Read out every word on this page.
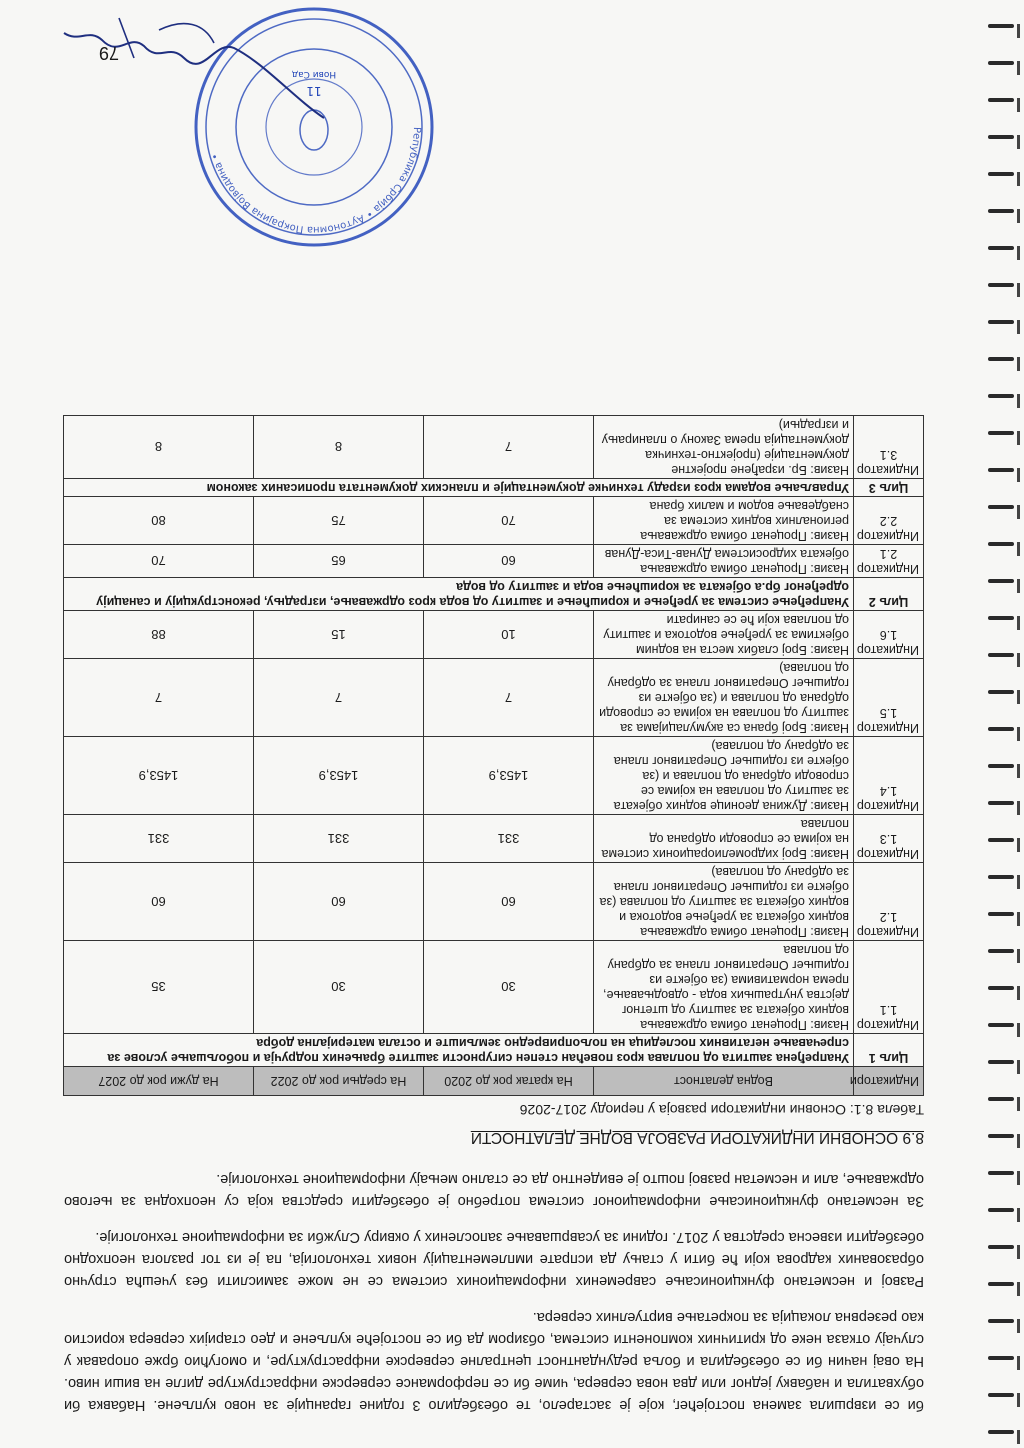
би се извршила замена постојећег, које је застарело, те обезбедило 3 године гаранције за ново купљене. Набавка би обухватила и набавку једног или два нова сервера, чиме би се перформансе серверске инфраструктуре дигле на виши ниво. На овај начин би се обезбедила и боља редундантност централне серверске инфраструктуре, и омогућио брже опоравак у случају отказа неке од критичних компоненти система, обзиром да би се постојеће купљене и део старијих сервера користио као резервна локација за покретање виртуелних сервера.

Развој и несметано функционисање савремених информационих система се не може замислити без учешћа стручно образованих кадрова који ће бити у стању да испрате имплементацију нових технологија, па је из тог разлога неопходно обезбедити извесна средства у 2017. години за усавршавање запослених у оквиру Служби за информационе технологије.

За несметано функционисање информационог система потребно је обезбедити средства која су неопходна за његово одржавање, али и несметан развој пошто је евидентно да се стално мењају информационе технологије.

8.9 ОСНОВНИ ИНДИКАТОРИ РАЗВОЈА ВОДНЕ ДЕЛАТНОСТИ
Табела 8.1: Основни индикатори развоја у периоду 2017-2026
Индикатори	Водна делатност	На кратак рок до 2020	На средњи рок до 2022	На дужи рок до 2027
Циљ 1	Унапређена заштита од поплава кроз повећан степен сигурности заштите брањених подручја и побољшање услове за спречавање негативних последица на пољопривредно земљиште и остала материјална добра			
Индикатор 1.1	Назив: Проценат обима одржавања водних објеката за заштиту од штетног дејства унутрашњих вода - одводњавање, према нормативима (за објекте из годишњег Оперативног плана за одбрану од поплава	30	30	35
Индикатор 1.2	Назив: Проценат обима одржавања водних објеката за уређење водотока и водних објеката за заштиту од поплава (за објекте из годишњег Оперативног плана за одбрану од поплава)	60	60	60
Индикатор 1.3	Назив: Број хидромелиорационих система на којима се спроводи одбрана од поплава	331	331	331
Индикатор 1.4	Назив: Дужина деонице водних објеката за заштиту од поплава на којима се спроводи одбрана од поплава и (за објекте из годишњег Оперативног плана за одбрану од поплава)	1453,9	1453,9	1453,9
Индикатор 1.5	Назив: Број брана са акумулацијама за заштиту од поплава на којима се спроводи одбрана од поплава и (за објекте из годишњег Оперативног плана за одбрану од поплава)	7	7	7
Индикатор 1.6	Назив: Број слабих места на водним објектима за уређење водотока и заштиту од поплава који ће се санирати	10	15	88
Циљ 2	Унапређење система за уређење и коришћење и заштиту од вода кроз одржавање, изградњу, реконструкцију и санацију одређеног бр.а објеката за коришћење вода и заштиту од вода			
Индикатор 2.1	Назив: Проценат обима одржавања објеката хидросистема Дунав-Тиса-Дунав	60	65	70
Индикатор 2.2	Назив: Проценат обима одржавања регионалних водних система за снабдевање водом и малих брана	70	75	80
Циљ 3	Управљање водама кроз израду техничке документације и планских документата прописаних законом			
Индикатор 3.1	Назив: Бр. израђене пројектне документације (пројектно-техничка документација према Закону о планирању и изградњи)	7	8	8
Република Србија • Аутономна Покрајина Војводина •
11
Нови Сад
79
